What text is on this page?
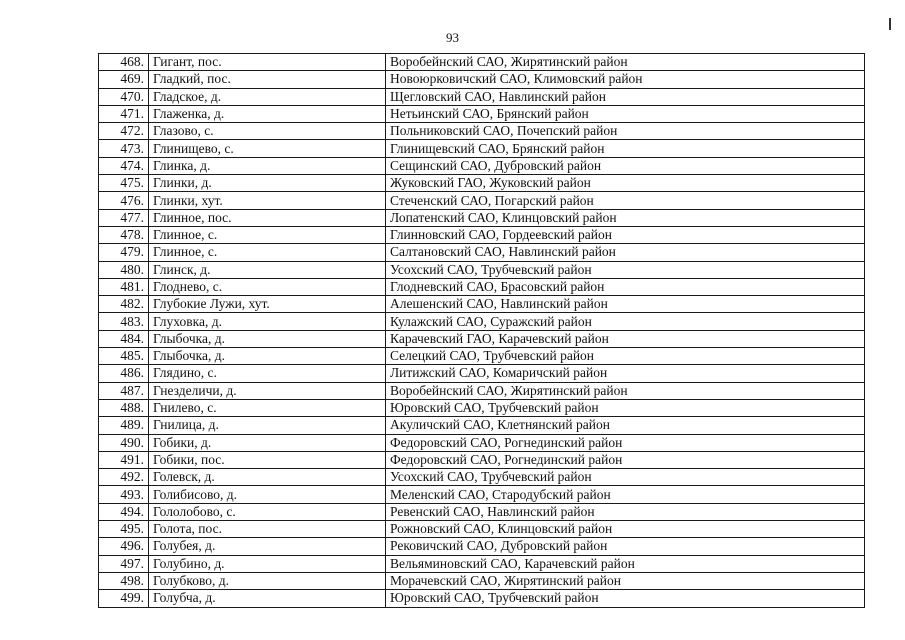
93
468.	Гигант, пос.	Воробейнский САО, Жирятинский район
469.	Гладкий, пос.	Новоюрковичский САО, Климовский район
470.	Гладское, д.	Щегловский САО, Навлинский район
471.	Глаженка, д.	Нетьинский САО, Брянский район
472.	Глазово, с.	Польниковский САО, Почепский район
473.	Глинищево, с.	Глинищевский САО, Брянский район
474.	Глинка, д.	Сещинский САО, Дубровский район
475.	Глинки, д.	Жуковский ГАО, Жуковский район
476.	Глинки, хут.	Стеченский САО, Погарский район
477.	Глинное, пос.	Лопатенский САО, Клинцовский район
478.	Глинное, с.	Глинновский САО, Гордеевский район
479.	Глинное, с.	Салтановский САО, Навлинский район
480.	Глинск, д.	Усохский САО, Трубчевский район
481.	Глоднево, с.	Глодневский САО, Брасовский район
482.	Глубокие Лужи, хут.	Алешенский САО, Навлинский район
483.	Глуховка, д.	Кулажский САО, Суражский район
484.	Глыбочка, д.	Карачевский ГАО, Карачевский район
485.	Глыбочка, д.	Селецкий САО, Трубчевский район
486.	Глядино, с.	Литижский САО, Комаричский район
487.	Гнезделичи, д.	Воробейнский САО, Жирятинский район
488.	Гнилево, с.	Юровский САО, Трубчевский район
489.	Гнилица, д.	Акуличский САО, Клетнянский район
490.	Гобики, д.	Федоровский САО, Рогнединский район
491.	Гобики, пос.	Федоровский САО, Рогнединский район
492.	Голевск, д.	Усохский САО, Трубчевский район
493.	Голибисово, д.	Меленский САО, Стародубский район
494.	Гололобово, с.	Ревенский САО, Навлинский район
495.	Голота, пос.	Рожновский САО, Клинцовский район
496.	Голубея, д.	Рековичский САО, Дубровский район
497.	Голубино, д.	Вельяминовский САО, Карачевский район
498.	Голубково, д.	Морачевский САО, Жирятинский район
499.	Голубча, д.	Юровский САО, Трубчевский район
